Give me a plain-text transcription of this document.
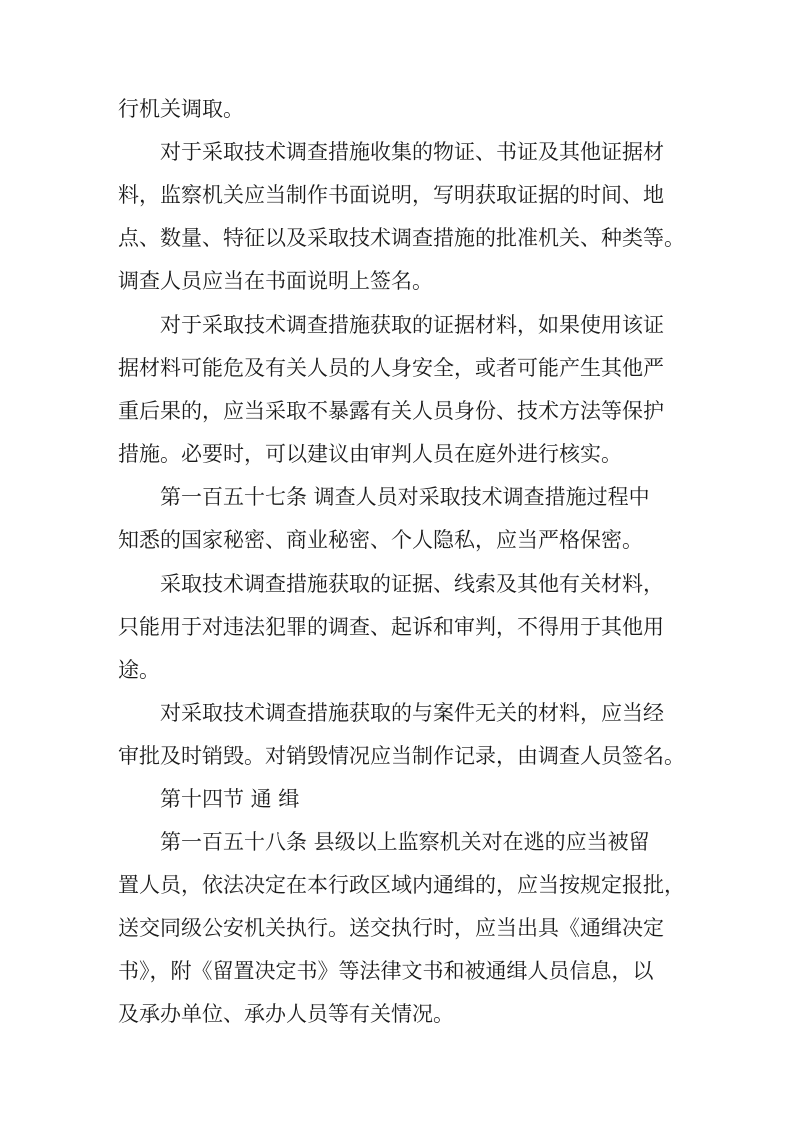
行机关调取。
对于采取技术调查措施收集的物证、书证及其他证据材
料，监察机关应当制作书面说明，写明获取证据的时间、地
点、数量、特征以及采取技术调查措施的批准机关、种类等。
调查人员应当在书面说明上签名。
对于采取技术调查措施获取的证据材料，如果使用该证
据材料可能危及有关人员的人身安全，或者可能产生其他严
重后果的，应当采取不暴露有关人员身份、技术方法等保护
措施。必要时，可以建议由审判人员在庭外进行核实。
第一百五十七条 调查人员对采取技术调查措施过程中
知悉的国家秘密、商业秘密、个人隐私，应当严格保密。
采取技术调查措施获取的证据、线索及其他有关材料，
只能用于对违法犯罪的调查、起诉和审判，不得用于其他用
途。
对采取技术调查措施获取的与案件无关的材料，应当经
审批及时销毁。对销毁情况应当制作记录，由调查人员签名。
第十四节 通 缉
第一百五十八条 县级以上监察机关对在逃的应当被留
置人员，依法决定在本行政区域内通缉的，应当按规定报批，
送交同级公安机关执行。送交执行时，应当出具《通缉决定
书》，附《留置决定书》等法律文书和被通缉人员信息，以
及承办单位、承办人员等有关情况。
